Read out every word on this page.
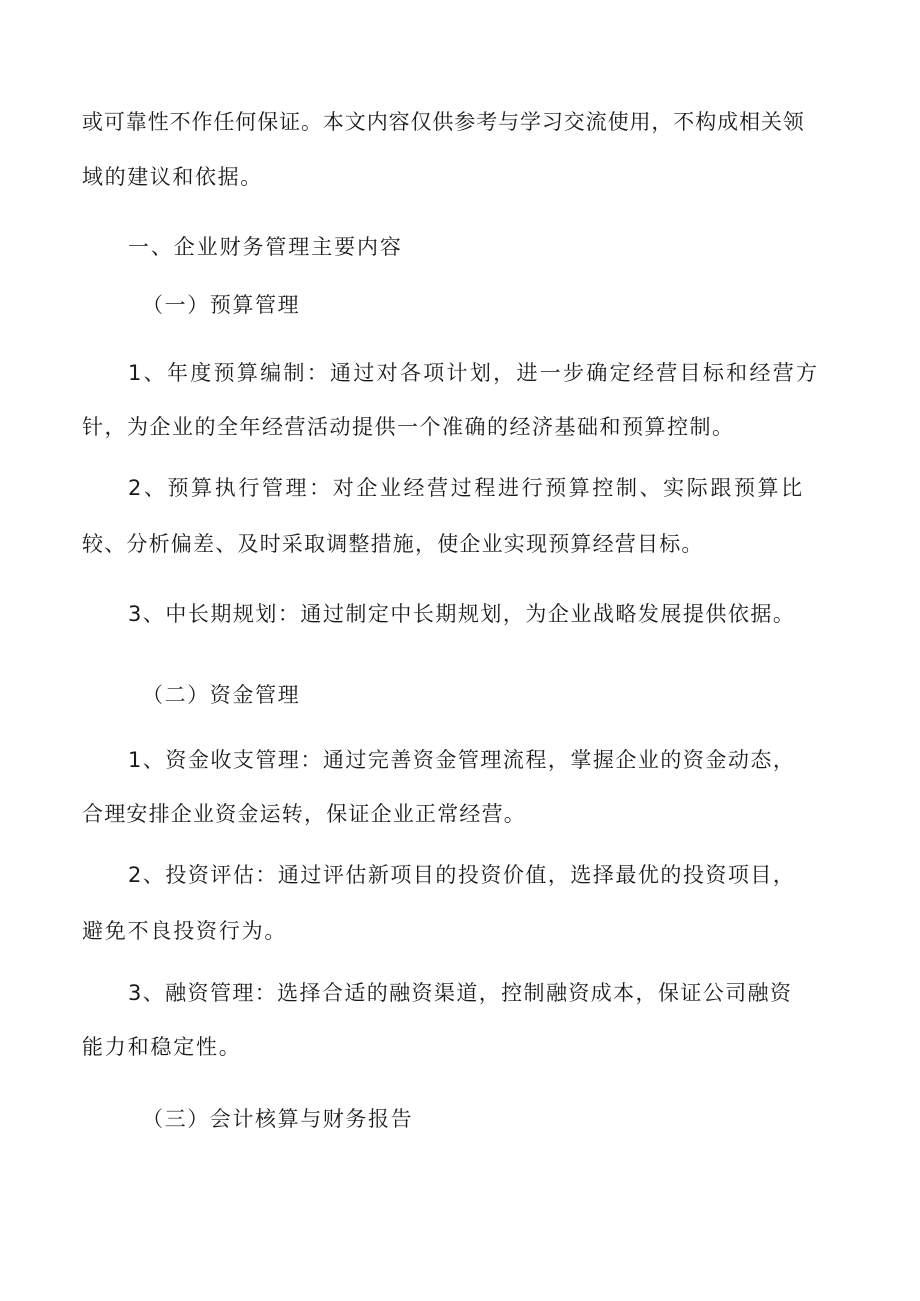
或可靠性不作任何保证。本文内容仅供参考与学习交流使用，不构成相关领
域的建议和依据。
一、企业财务管理主要内容
（一）预算管理
1、年度预算编制：通过对各项计划，进一步确定经营目标和经营方
针，为企业的全年经营活动提供一个准确的经济基础和预算控制。
2、预算执行管理：对企业经营过程进行预算控制、实际跟预算比
较、分析偏差、及时采取调整措施，使企业实现预算经营目标。
3、中长期规划：通过制定中长期规划，为企业战略发展提供依据。
（二）资金管理
1、资金收支管理：通过完善资金管理流程，掌握企业的资金动态，
合理安排企业资金运转，保证企业正常经营。
2、投资评估：通过评估新项目的投资价值，选择最优的投资项目，
避免不良投资行为。
3、融资管理：选择合适的融资渠道，控制融资成本，保证公司融资
能力和稳定性。
（三）会计核算与财务报告
